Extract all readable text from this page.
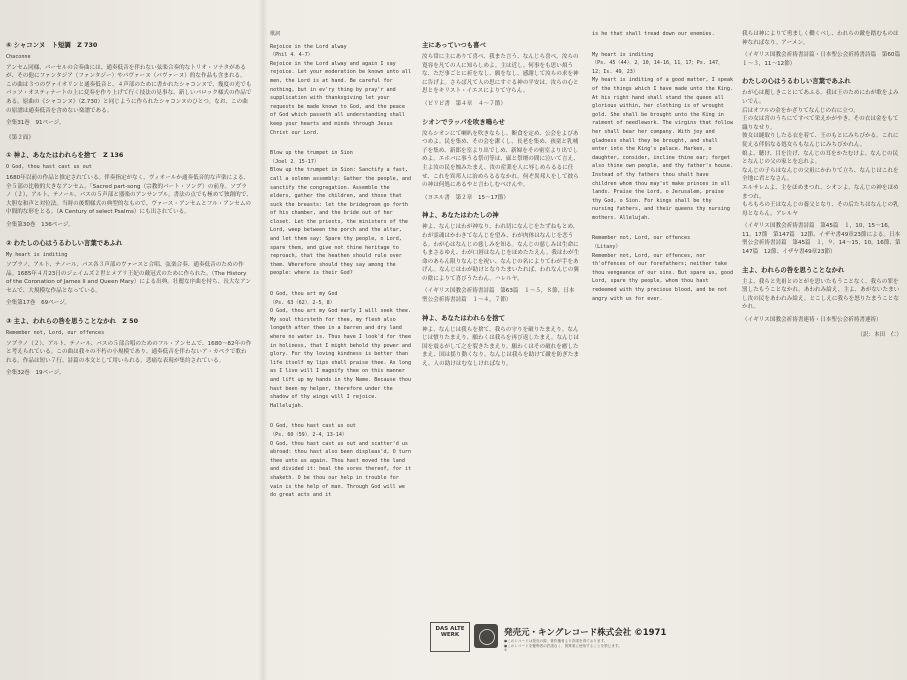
④ シャコンヌ　ト短調　Z 730
Chaconne
アンセム同様、パーセルの合奏曲には、通奏低音を伴わない弦楽合奏的なトリオ・ソナタがあるが、その他にファンタジア（ファンタジー）やパヴァーヌ（パヴァーヌ）的な作品も含まれる。
この曲は３つのヴァイオリンと通奏低音と、４声部のために書かれたシャコンヌで、幾度の光でもパッソ・オスティナートの上に変奏を作り上げて行く技法の見事な、新しいバロック様式の作品である。原曲の《シャコンヌ》（Z.730）と同じように作られたシャコンヌのひとつ。なお、この曲の原譜は通奏低音を含めない楽譜である。
全集31巻　91ページ。
《第２面》
① 神よ、あなたはわれらを捨て　Z 136
O God, thou hast cast us out
1680年以前の作品と推定されている。伴奏指定がなく、ヴィオールか通奏低音的な声楽による、全５部の比較的大きなアンセム。「Sacred part-song（宗教的パート・ソング）の前身。ソプラノ（２）、アルト、テノール、バスの５声部と器楽のアンサンブル。書法の点でも極めて独創的で、大胆な和声と対位法。当時の後期様式の典型的なもので、ヴァース・アンセムとフル・アンセムの中間的な形をとる。（A Century of select Psalms）にも出されている。
全集第30巻　136ページ。
② わたしの心はうるわしい言葉であふれ
My heart is inditing
ソプラノ、アルト、テノール、バス各３声部のヴァースと合唱、弦楽合奏、通奏低音のための作品。1685年４月23日のジェイムズ２世とメアリ王妃の戴冠式のために作られた。（The History of the Coronation of James II and Queen Mary）による出典。壮麗な序曲を持ち、長大なアンセムで、大規模な作品となっている。
全集第17巻　69ページ。
③ 主よ、われらの咎を思うことなかれ　Z 50
Remember not, Lord, our offences
ソプラノ（２）、アルト、テノール、バスの５部合唱のためのフル・アンセムで、1680〜82年の作と考えられている。この曲は我々の不朽の小規模であり、通奏低音を伴わないア・カペラで歌われる。作品は短い７行、詩篇の本文として用いられる。悲痛な表現が集約されている。
全集32巻　19ページ。
歌詞
Rejoice in the Lord alway
（Phil 4．4-7）
Rejoice in the Lord alway and again I say rejoice. Let your moderation be known unto all men, the Lord is at hand. Be careful for nothing, but in ev'ry thing by pray'r and supplication with thanksgiving let your requests be made known to God, and the peace of God which passeth all understanding shall keep your hearts and minds through Jesus Christ our Lord.
Blow up the trumpet in Sion
（Joel 2．15-17）
Blow up the trumpet in Sion: Sanctify a fast, call a solemn assembly: Gather the people, and sanctify the congregation. Assemble the elders, gather the children, and those that suck the breasts: let the bridegroom go forth of his chamber, and the bride out of her closet. Let the priests, the ministers of the Lord, weep between the porch and the altar, and let them say: Spare thy people, o Lord, spare them, and give not thine heritage to reproach, that the heathen should rule over them. Wherefore should they say among the people: where is their God?
O God, thou art my God
（Ps. 63（62）．2-5，8）
O God, thou art my God early I will seek thee. My soul thirsteth for thee, my flesh also longeth after thee in a barren and dry land where no water is. Thus have I look'd for thee in holiness, that I might behold thy power and glory. For thy loving kindness is better than life itself my lips shall praise thee. As long as I live will I magnify thee on this manner and lift up my hands in thy Name. Because thou hast been my helper, therefore under the shadow of thy wings will I rejoice. Hallelujah.
O God, thou hast cast us out
（Ps. 60（59）．2-4，13-14）
O God, thou hast cast us out and scatter'd us abroad: thou hast also been displeas'd, O turn thee unto us again. Thou hast moved the land and divided it: heal the sores thereof, for it shaketh. O be thou our help in trouble for vain is the help of man. Through God will we do great acts and it
主にあっていつも喜べ
汝ら常に主にありて喜べ、我また言う、なんじら喜べ。汝らの寛容を凡ての人に知らしめよ。主は近し。何事をも思い煩うな、ただ事ごとに祈をなし、願をなし、感謝して汝らの求を神に告げよ。さらば凡て人の思にすぐる神の平安は、汝らの心と思とをキリスト・イエスによりて守らん。
（ピリピ書　第４章　４〜７節）
シオンでラッパを吹き鳴らせ
汝らシオンにて喇叭を吹きならし、断食を定め、公会をよびあつめよ。民を集め、その会を潔くし、長老を集め、孩童と乳哺子を集め、新郎を室より出でしめ、新婦をその密室より出でしめよ。エホバに事うる祭司等は、廊と祭壇の間に泣いて言え、主よ汝の民を恤みたまえ、汝の産業を人に辱しめらるるに任せ、これを異邦人に治めらるるなかれ。何ぞ異邦人をして彼らの神は何処にあるやと言わしむべけんや。
（ヨエル書　第２章　15〜17節）
神よ、あなたはわたしの神
神よ、なんじはわが神なり、われ切になんじをたずねもとめ、わが霊魂はかわきてなんじを望み、わが肉体はなんじを恋うる。わが心はなんじの慈しみを知る。なんじの慈しみは生命にもまさるゆえ、わが口唇はなんじをほめたたえん。我はわが生命のあらん限りなんじを祝い、なんじの名によりてわが手をあげん。なんじはわが助けとなりたまいたれば、われなんじの翼の陰によりて喜びうたわん。ハレルヤ。
（イギリス国教会祈祷書詩篇　第63篇　１〜５，８節、日本聖公会祈祷書詩篇　１〜４，７節）
神よ、あなたはわれらを捨て
神よ、なんじは我らを捨て、我らの守りを破りたまえり。なんじは憤りたまえり、願わくは我らを再び返したまえ。なんじは国を震るがして之を裂きたまえり。願わくはその破れを癒したまえ、国は揺り動くなり。なんじは我らを助けて敵を防ぎたまえ。人の助けはむなしければなり。
is he that shall tread down our enemies.
My heart is inditing
（Ps. 45（44）．2，10，14-16，11，17；Ps. 147，12；Is. 49，23）
My heart is inditing of a good matter, I speak of the things which I have made unto the King. At his right hand shall stand the queen all glorious within, her clothing is of wrought gold. She shall be brought unto the King in raiment of needlework. The virgins that follow her shall bear her company. With joy and gladness shall they be brought, and shall enter into the King's palace. Harken, o daughter, consider, incline thine ear; forget also thine own people, and thy father's house. Instead of thy fathers thou shalt have children whom thou may'st make princes in all lands. Praise the Lord, o Jerusalem, praise thy God, o Sion. For kings shall be thy nursing fathers, and their queens thy nursing mothers. Allelujah.
Remember not, Lord, our offences
（Litany）
Remember not, Lord, our offences, nor th'offences of our forefathers; neither take thou vengeance of our sins. But spare us, good Lord, spare thy people, whom thou hast redeemed with thy precious blood, and be not angry with us for ever.
我らは神によりて勇ましく働くべし、われらの敵を踏むものは神なればなり。アーメン。
（イギリス国教会祈祷書詩篇・日本聖公会祈祷書詩篇　第60篇　１〜３，11〜12節）
わたしの心はうるわしい言葉であふれ
わが心は麗しきことにてあふる。我は王のためにわが歌をよみいでん。
后はオフルの金をかざりてなんじの右に立つ。
王の女は宮のうちにてすべて栄えかがやき、その衣は金をもて織りなせり。
彼女は縫取りしたる衣を着て、王のもとにみちびかる。これに従える伴侶なる処女らもなんじにみちびかれん。
娘よ、聴け、目を注げ、なんじの耳をかたむけよ。なんじの民となんじの父の家とを忘れよ。
なんじの子らはなんじの父祖にかわりて立ち、なんじはこれを全地に君となさん。
エルサレムよ、主をほめまつれ、シオンよ、なんじの神をほめまつれ。
もろもろの王はなんじの養父となり、その后たちはなんじの乳母とならん。アレルヤ
（イギリス国教会祈祷書詩篇　第45篇　１，10，15〜16，11，17節　第147篇　12節、イザヤ書49章23節による。日本聖公会祈祷書詩篇　第45篇　１，９，14〜15，10，16節、第147篇　12節、イザヤ書49章23節）
主よ、われらの咎を思うことなかれ
主よ、我らと先祖とのとがを思いたもうことなく、我らの罪を罰したもうことなかれ。あわれみ給え、主よ、あがないたまいし汝の民をあわれみ給え。とこしえに我らを怒りたまうことなかれ。
（イギリス国教会祈祷書連祷・日本聖公会祈祷書連祷）
（訳：本田　仁）
DAS ALTE WERK	発売元・キングレコード株式会社 ©1971
●このレコードは発売の際、著作権者より許諾を得ております。
●このレコードを権利者の許諾なく、賃貸業に使用することを禁じます。
①
